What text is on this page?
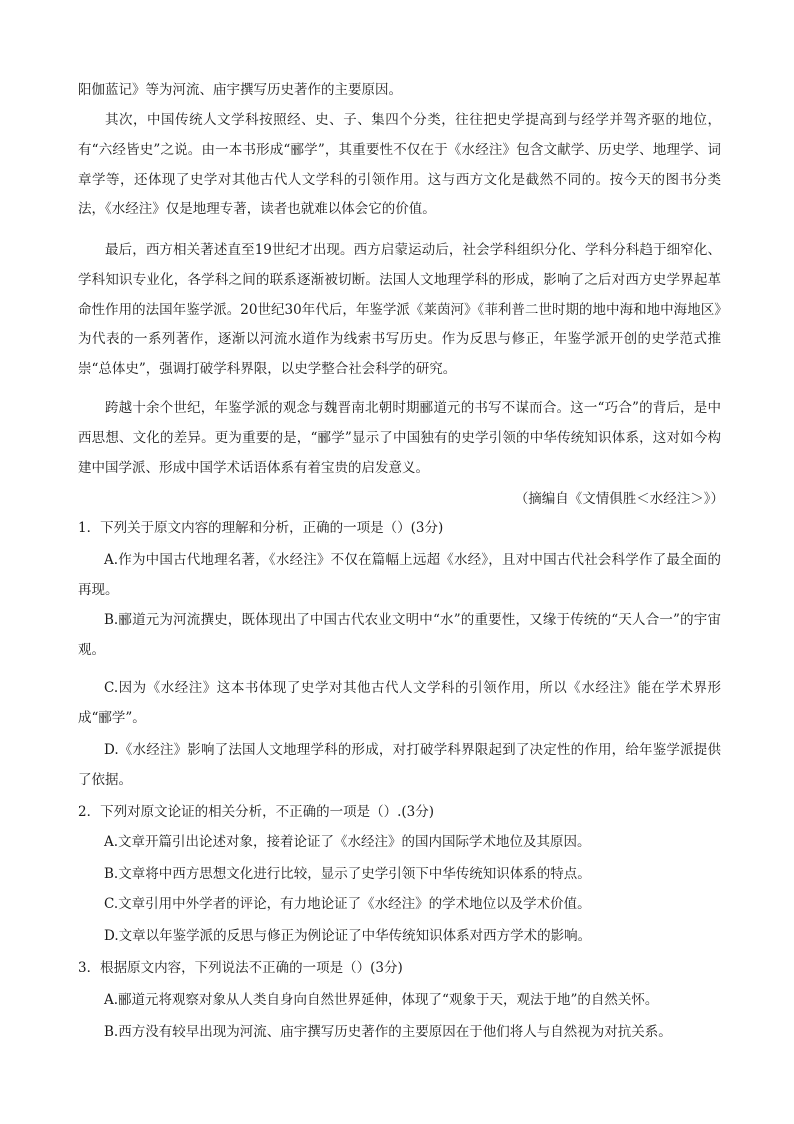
阳伽蓝记》等为河流、庙宇撰写历史著作的主要原因。

其次，中国传统人文学科按照经、史、子、集四个分类，往往把史学提高到与经学并驾齐驱的地位，有“六经皆史”之说。由一本书形成“郦学”，其重要性不仅在于《水经注》包含文献学、历史学、地理学、词章学等，还体现了史学对其他古代人文学科的引领作用。这与西方文化是截然不同的。按今天的图书分类法，《水经注》仅是地理专著，读者也就难以体会它的价值。

最后，西方相关著述直至19世纪才出现。西方启蒙运动后，社会学科组织分化、学科分科趋于细窄化、学科知识专业化，各学科之间的联系逐渐被切断。法国人文地理学科的形成，影响了之后对西方史学界起革命性作用的法国年鉴学派。20世纪30年代后，年鉴学派《莱茵河》《菲利普二世时期的地中海和地中海地区》为代表的一系列著作，逐渐以河流水道作为线索书写历史。作为反思与修正，年鉴学派开创的史学范式推崇“总体史”，强调打破学科界限，以史学整合社会科学的研究。

跨越十余个世纪，年鉴学派的观念与魏晋南北朝时期郦道元的书写不谋而合。这一“巧合”的背后，是中西思想、文化的差异。更为重要的是，“郦学”显示了中国独有的史学引领的中华传统知识体系，这对如今构建中国学派、形成中国学术话语体系有着宝贵的启发意义。

（摘编自《文情俱胜＜水经注＞》）

1．下列关于原文内容的理解和分析，正确的一项是（）(3分)

A.作为中国古代地理名著，《水经注》不仅在篇幅上远超《水经》，且对中国古代社会科学作了最全面的再现。

B.郦道元为河流撰史，既体现出了中国古代农业文明中“水”的重要性，又缘于传统的“天人合一”的宇宙观。

C.因为《水经注》这本书体现了史学对其他古代人文学科的引领作用，所以《水经注》能在学术界形成“郦学”。

D.《水经注》影响了法国人文地理学科的形成，对打破学科界限起到了决定性的作用，给年鉴学派提供了依据。

2．下列对原文论证的相关分析，不正确的一项是（）.(3分)

A.文章开篇引出论述对象，接着论证了《水经注》的国内国际学术地位及其原因。

B.文章将中西方思想文化进行比较，显示了史学引领下中华传统知识体系的特点。

C.文章引用中外学者的评论，有力地论证了《水经注》的学术地位以及学术价值。

D.文章以年鉴学派的反思与修正为例论证了中华传统知识体系对西方学术的影响。

3．根据原文内容，下列说法不正确的一项是（）(3分)

A.郦道元将观察对象从人类自身向自然世界延伸，体现了“观象于天，观法于地”的自然关怀。

B.西方没有较早出现为河流、庙宇撰写历史著作的主要原因在于他们将人与自然视为对抗关系。
